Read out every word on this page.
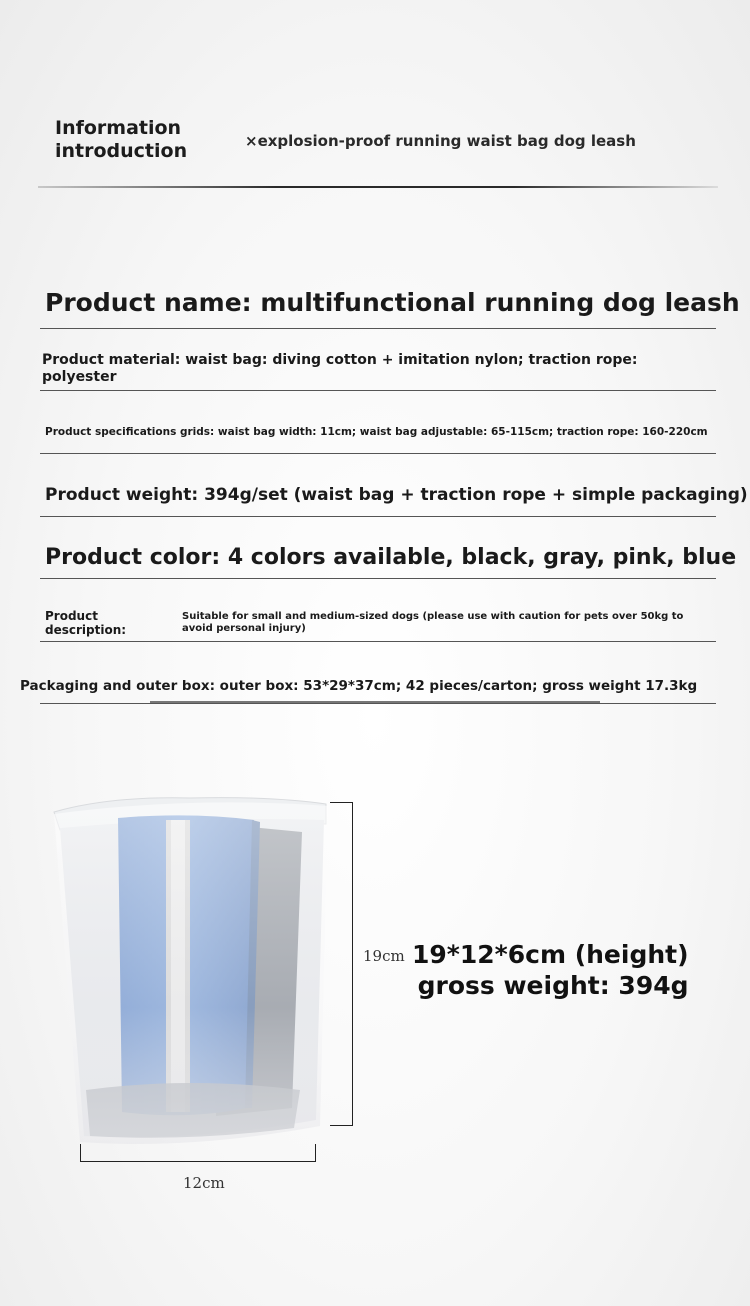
Information
introduction	×explosion-proof running waist bag dog leash
Product name: multifunctional running dog leash
Product material: waist bag: diving cotton + imitation nylon; traction rope: polyester
Product specifications grids: waist bag width: 11cm; waist bag adjustable: 65-115cm; traction rope: 160-220cm
Product weight: 394g/set (waist bag + traction rope + simple packaging)
Product color: 4 colors available, black, gray, pink, blue
Product description:
Suitable for small and medium-sized dogs (please use with caution for pets over 50kg to avoid personal injury)
Packaging and outer box: outer box: 53*29*37cm; 42 pieces/carton; gross weight 17.3kg
19cm
12cm
19*12*6cm (height)
gross weight: 394g
